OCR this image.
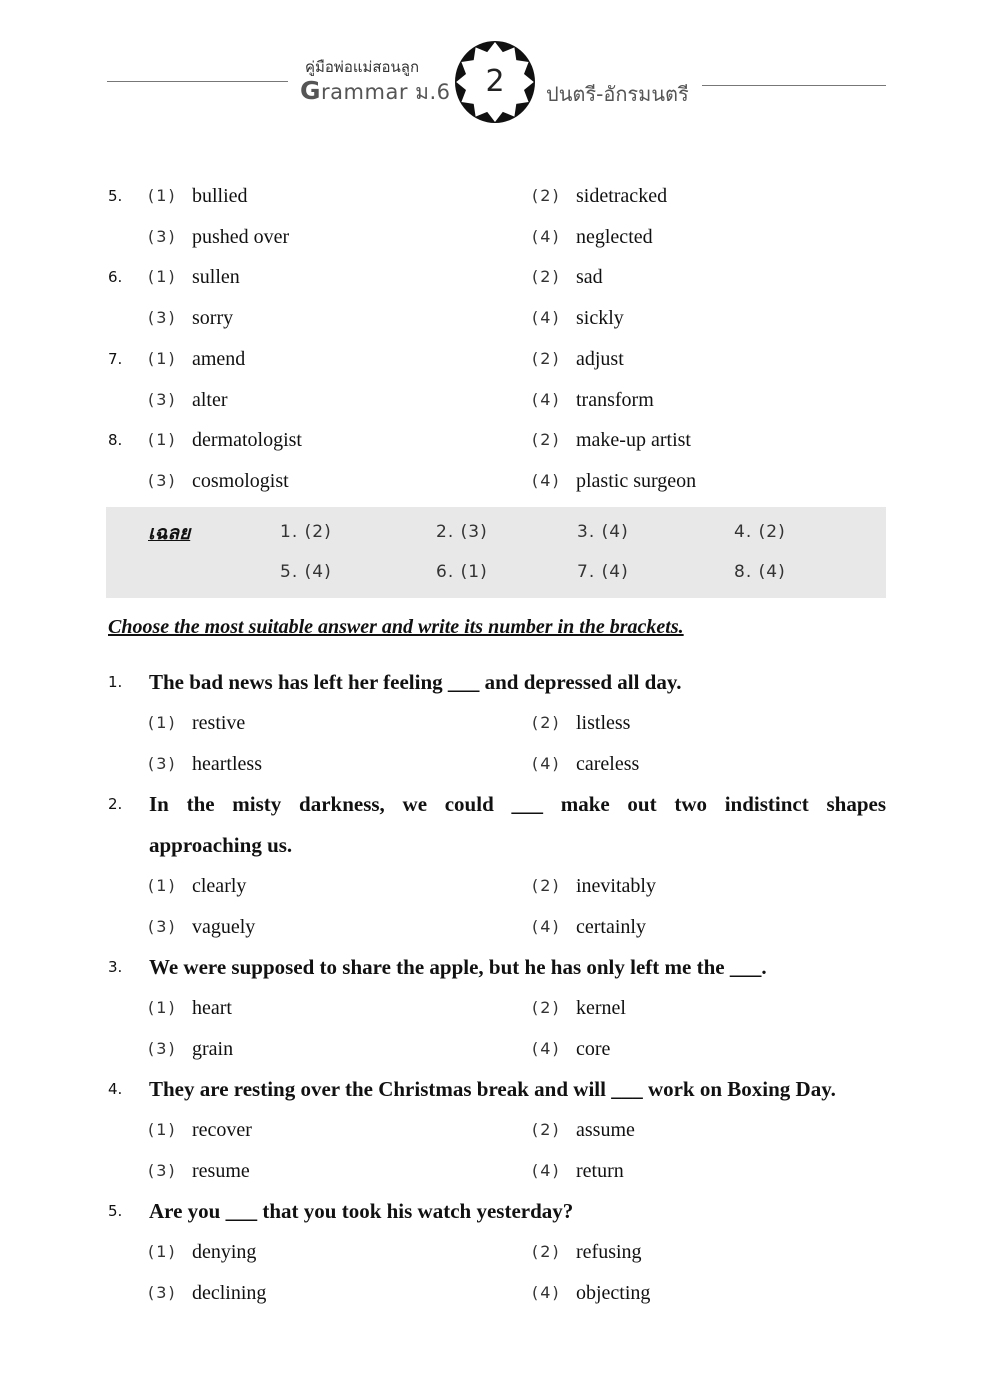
คู่มือพ่อแม่สอนลูก
Grammar ม.6	2	ปนตรี-อักรมนตรี
5. (1) bullied	(2) sidetracked
(3) pushed over	(4) neglected
6. (1) sullen	(2) sad
(3) sorry	(4) sickly
7. (1) amend	(2) adjust
(3) alter	(4) transform
8. (1) dermatologist	(2) make-up artist
(3) cosmologist	(4) plastic surgeon
เฉลย	1. (2)	2. (3)	3. (4)	4. (2)
5. (4)	6. (1)	7. (4)	8. (4)
Choose the most suitable answer and write its number in the brackets.
1. The bad news has left her feeling ___ and depressed all day.
(1) restive	(2) listless
(3) heartless	(4) careless
2. In the misty darkness, we could ___ make out two indistinct shapes
approaching us.
(1) clearly	(2) inevitably
(3) vaguely	(4) certainly
3. We were supposed to share the apple, but he has only left me the ___.
(1) heart	(2) kernel
(3) grain	(4) core
4. They are resting over the Christmas break and will ___ work on Boxing Day.
(1) recover	(2) assume
(3) resume	(4) return
5. Are you ___ that you took his watch yesterday?
(1) denying	(2) refusing
(3) declining	(4) objecting
